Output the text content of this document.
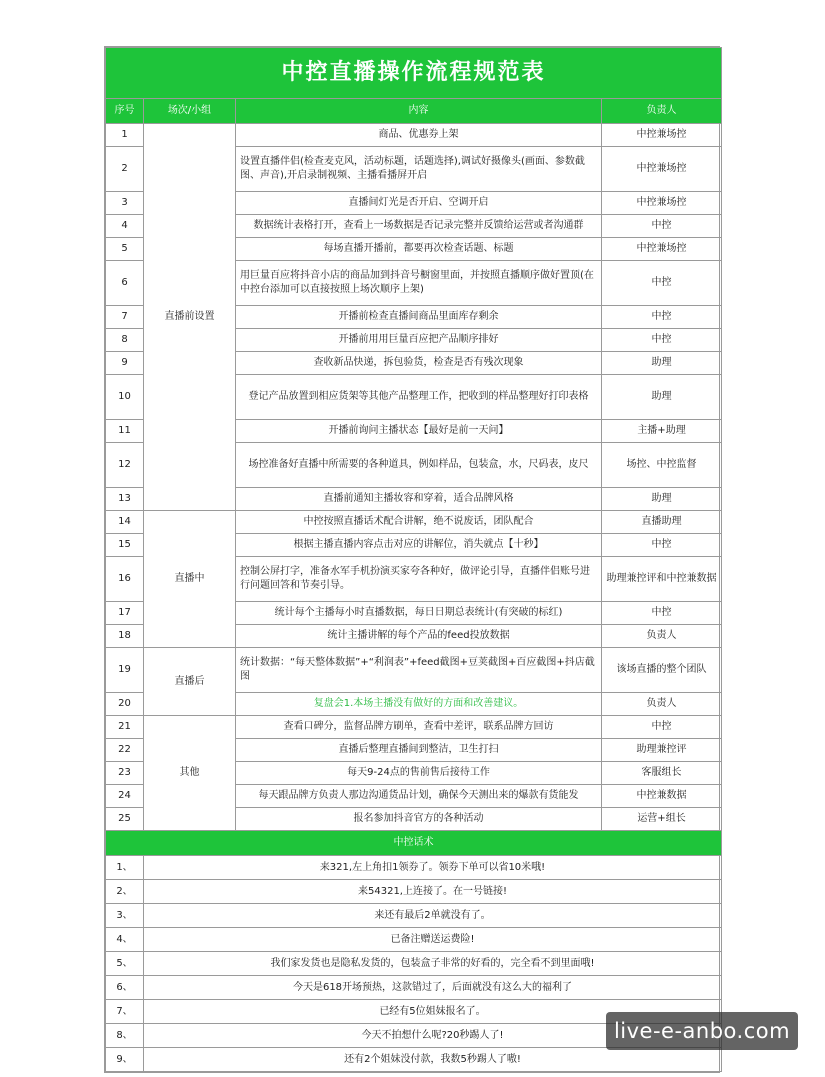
中控直播操作流程规范表			
序号	场次/小组	内容	负责人
1	直播前设置	商品、优惠券上架	中控兼场控
2		设置直播伴侣(检查麦克风，活动标题，话题选择),调试好摄像头(画面、参数截图、声音),开启录制视频、主播看播屏开启	中控兼场控
3		直播间灯光是否开启、空调开启	中控兼场控
4		数据统计表格打开，查看上一场数据是否记录完整并反馈给运营或者沟通群	中控
5		每场直播开播前，都要再次检查话题、标题	中控兼场控
6		用巨量百应将抖音小店的商品加到抖音号橱窗里面，并按照直播顺序做好置顶(在中控台添加可以直接按照上场次顺序上架)	中控
7		开播前检查直播间商品里面库存剩余	中控
8		开播前用用巨量百应把产品顺序排好	中控
9		查收新品快递，拆包验货，检查是否有残次现象	助理
10		登记产品放置到相应货架等其他产品整理工作，把收到的样品整理好打印表格	助理
11		开播前询问主播状态【最好是前一天问】	主播+助理
12		场控准备好直播中所需要的各种道具，例如样品，包装盒，水，尺码表，皮尺	场控、中控监督
13		直播前通知主播妆容和穿着，适合品牌风格	助理
14	直播中	中控按照直播话术配合讲解，绝不说废话，团队配合	直播助理
15		根据主播直播内容点击对应的讲解位，消失就点【十秒】	中控
16		控制公屏打字，准备水军手机扮演买家夸各种好，做评论引导，直播伴侣账号进行问题回答和节奏引导。	助理兼控评和中控兼数据
17		统计每个主播每小时直播数据，每日日期总表统计(有突破的标红)	中控
18		统计主播讲解的每个产品的feed投放数据	负责人
19	直播后	统计数据：“每天整体数据”+“利润表”+feed截图+豆荚截图+百应截图+抖店截图	该场直播的整个团队
20		复盘会1.本场主播没有做好的方面和改善建议。	负责人
21	其他	查看口碑分，监督品牌方刷单，查看中差评，联系品牌方回访	中控
22		直播后整理直播间到整洁，卫生打扫	助理兼控评
23		每天9-24点的售前售后接待工作	客服组长
24		每天跟品牌方负责人那边沟通货品计划，确保今天测出来的爆款有货能发	中控兼数据
25		报名参加抖音官方的各种活动	运营+组长
中控话术			
1、	来321,左上角扣1领券了。领券下单可以省10米哦!		
2、	来54321,上连接了。在一号链接!		
3、	来还有最后2单就没有了。		
4、	已备注赠送运费险!		
5、	我们家发货也是隐私发货的，包装盒子非常的好看的，完全看不到里面哦!		
6、	今天是618开场预热，这款错过了，后面就没有这么大的福利了		
7、	已经有5位姐妹报名了。		
8、	今天不拍想什么呢?20秒踢人了!		
9、	还有2个姐妹没付款，我数5秒踢人了嗷!		
live-e-anbo.com
